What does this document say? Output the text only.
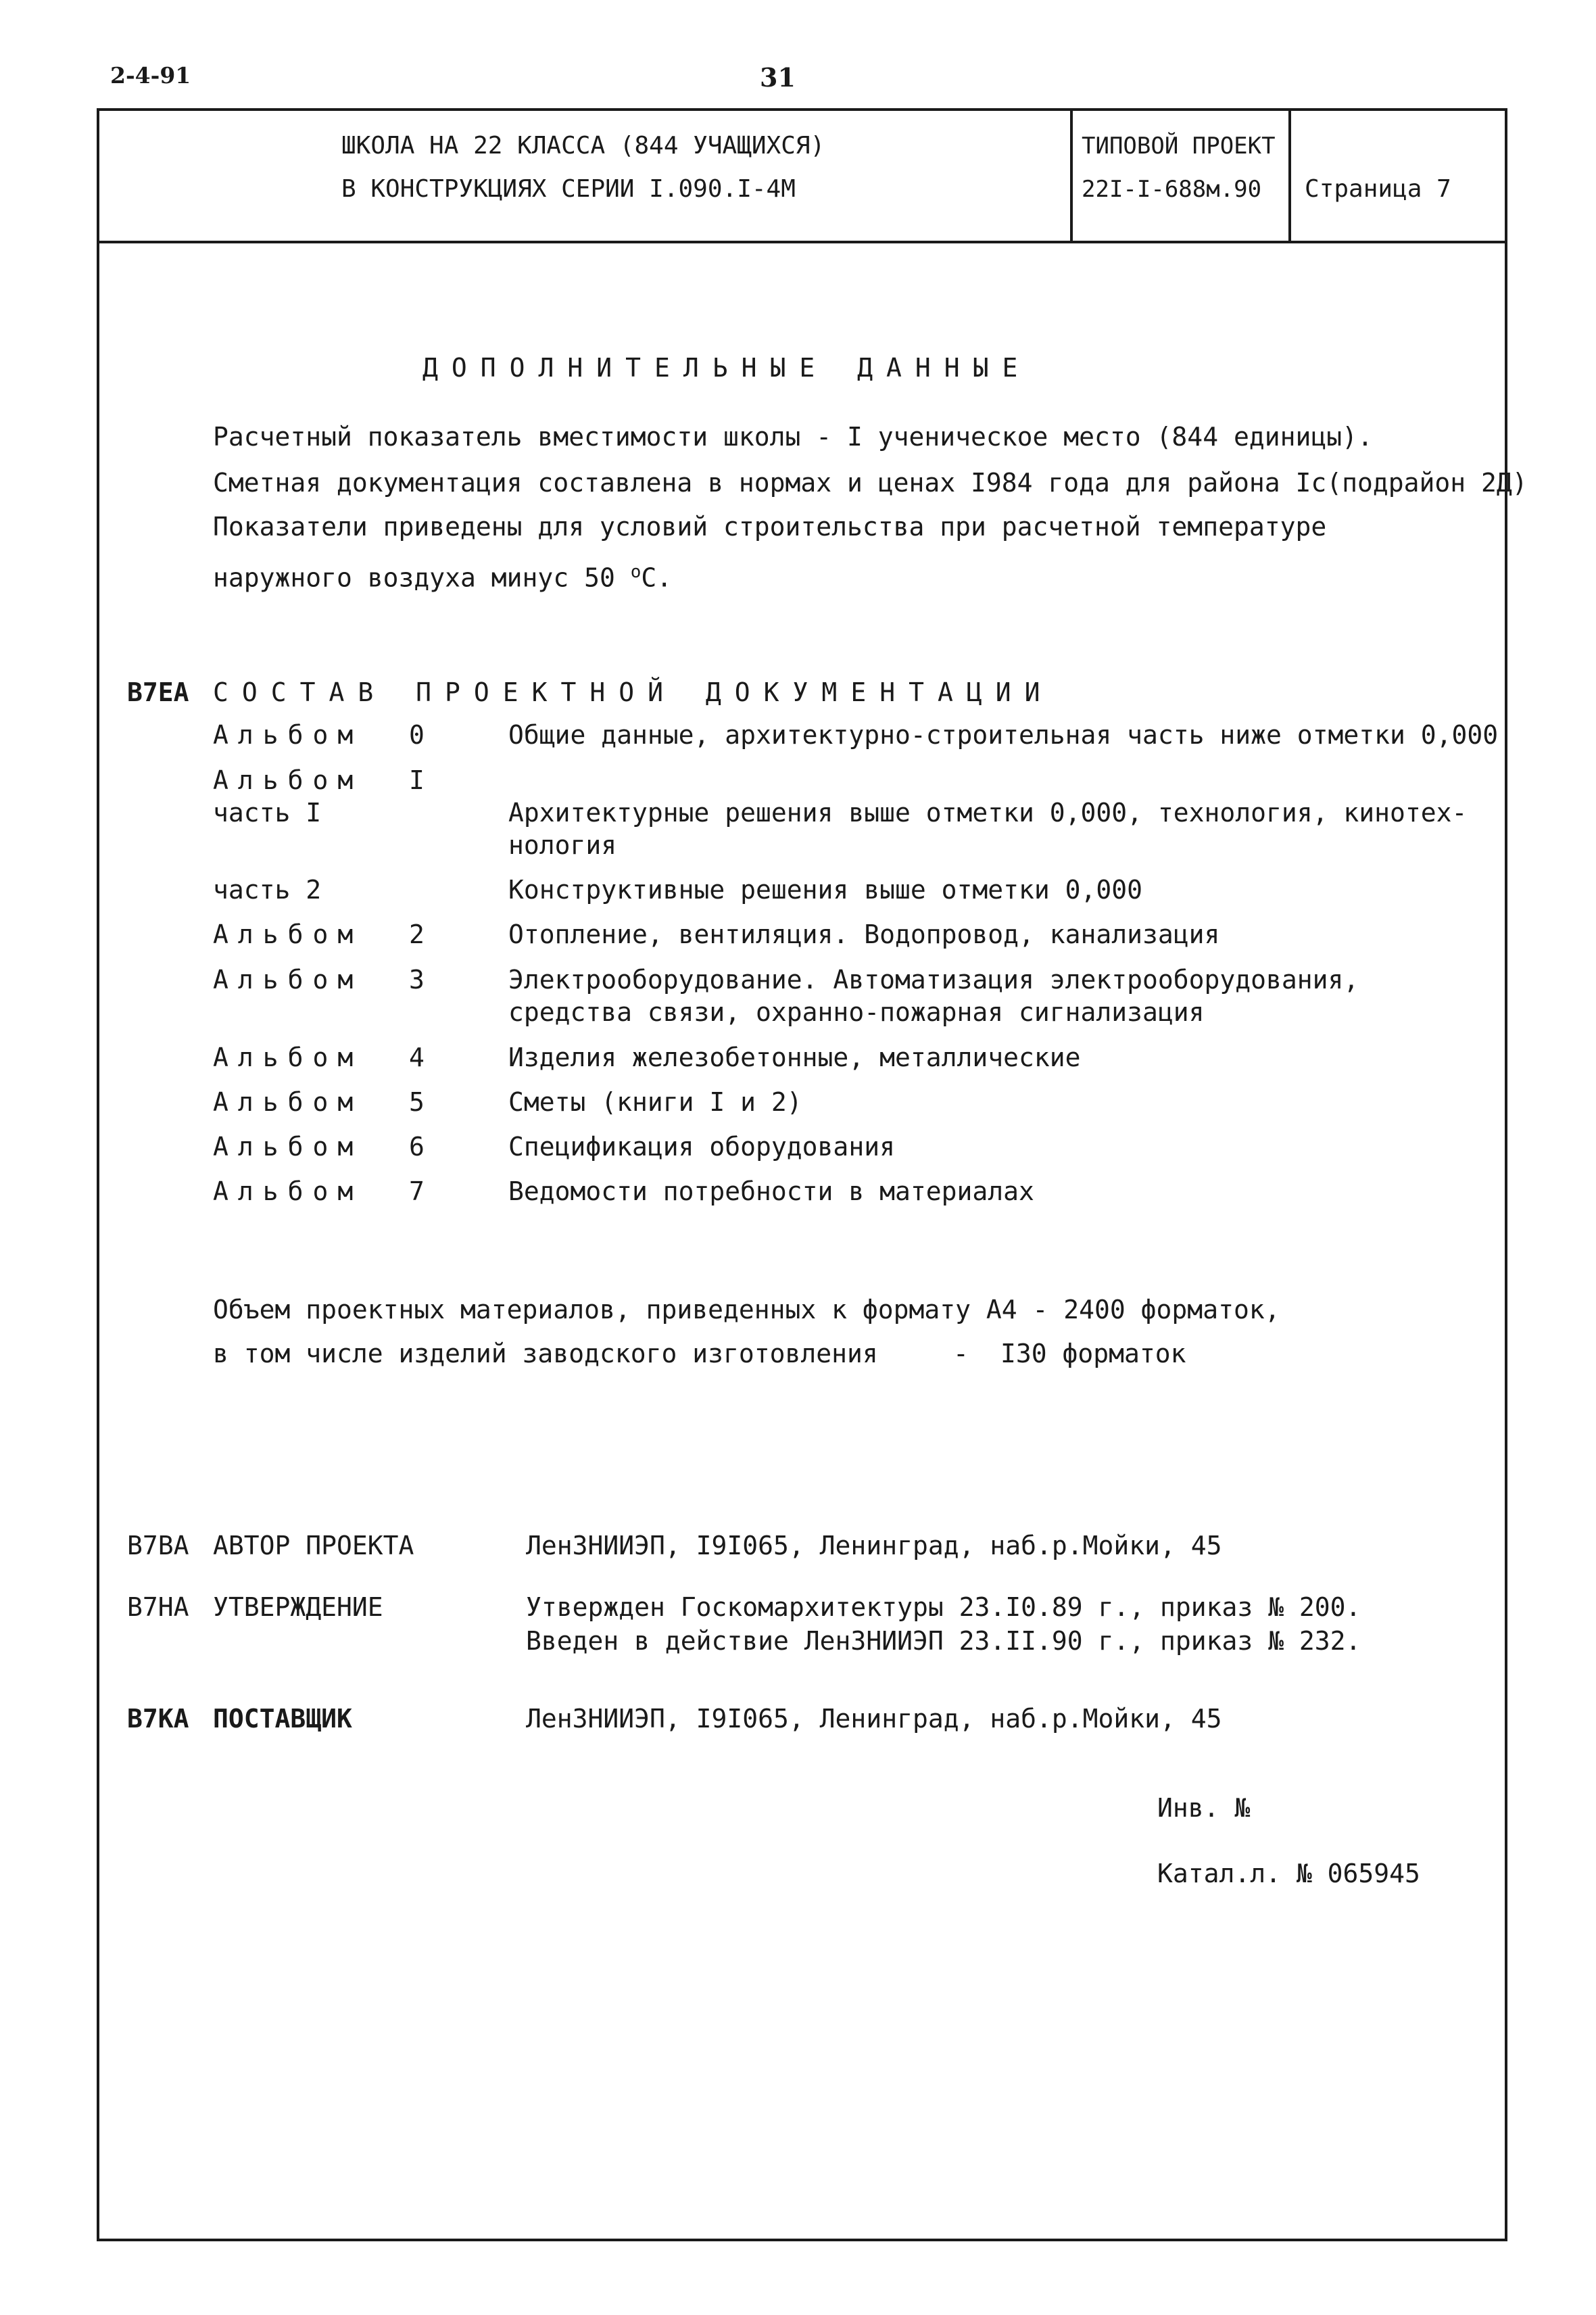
2-4-91	31
ШКОЛА НА 22 КЛАССА (844 УЧАЩИХСЯ)
В КОНСТРУКЦИЯХ СЕРИИ I.090.I-4М
ТИПОВОЙ ПРОЕКТ
22I-I-688м.90 Страница 7
ДОПОЛНИТЕЛЬНЫЕ ДАННЫЕ
Расчетный показатель вместимости школы - I ученическое место (844 единицы).
Сметная документация составлена в нормах и ценах I984 года для района Iс(подрайон 2Д)
Показатели приведены для условий строительства при расчетной температуре
наружного воздуха минус 50 $^о$С.
В7ЕА СОСТАВ ПРОЕКТНОЙ ДОКУМЕНТАЦИИ
Альбом 0	Общие данные, архитектурно-строительная часть ниже отметки 0,000
Альбом I
часть I	Архитектурные решения выше отметки 0,000, технология, кинотех-
нология
часть 2	Конструктивные решения выше отметки 0,000
Альбом 2	Отопление, вентиляция. Водопровод, канализация
Альбом 3	Электрооборудование. Автоматизация электрооборудования,
средства связи, охранно-пожарная сигнализация
Альбом 4	Изделия железобетонные, металлические
Альбом 5	Сметы (книги I и 2)
Альбом 6	Спецификация оборудования
Альбом 7	Ведомости потребности в материалах
Объем проектных материалов, приведенных к формату А4 - 2400 форматок,
в том числе изделий заводского изготовления	- I30 форматок
В7ВА АВТОР ПРОЕКТА	ЛенЗНИИЭП, I9I065, Ленинград, наб.р.Мойки, 45
В7НА УТВЕРЖДЕНИЕ	Утвержден Госкомархитектуры 23.I0.89 г., приказ № 200.
Введен в действие ЛенЗНИИЭП 23.II.90 г., приказ № 232.
В7КА ПОСТАВЩИК	ЛенЗНИИЭП, I9I065, Ленинград, наб.р.Мойки, 45
Инв. №
Катал.л. № 065945
